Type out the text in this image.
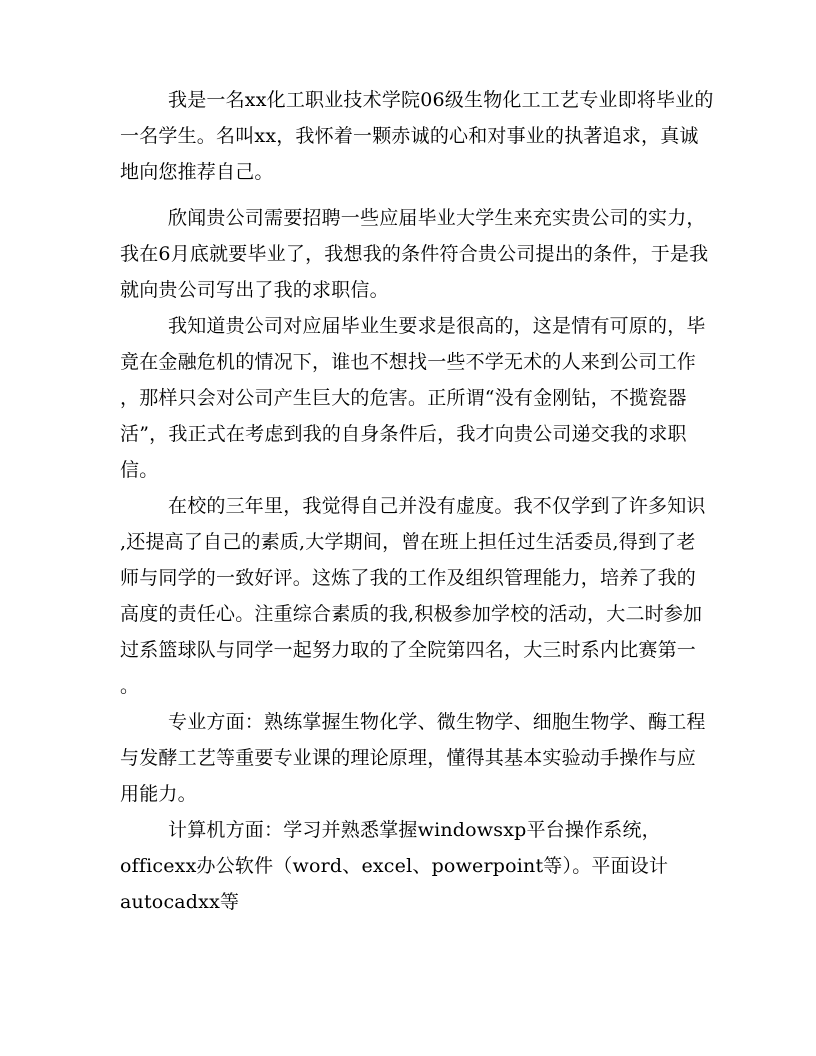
我是一名xx化工职业技术学院06级生物化工工艺专业即将毕业的
一名学生。名叫xx，我怀着一颗赤诚的心和对事业的执著追求，真诚
地向您推荐自己。
欣闻贵公司需要招聘一些应届毕业大学生来充实贵公司的实力，
我在6月底就要毕业了，我想我的条件符合贵公司提出的条件，于是我
就向贵公司写出了我的求职信。
我知道贵公司对应届毕业生要求是很高的，这是情有可原的，毕
竟在金融危机的情况下，谁也不想找一些不学无术的人来到公司工作
，那样只会对公司产生巨大的危害。正所谓“没有金刚钻，不揽瓷器
活”，我正式在考虑到我的自身条件后，我才向贵公司递交我的求职
信。
在校的三年里，我觉得自己并没有虚度。我不仅学到了许多知识
,还提高了自己的素质,大学期间，曾在班上担任过生活委员,得到了老
师与同学的一致好评。这炼了我的工作及组织管理能力，培养了我的
高度的责任心。注重综合素质的我,积极参加学校的活动，大二时参加
过系篮球队与同学一起努力取的了全院第四名，大三时系内比赛第一
。
专业方面：熟练掌握生物化学、微生物学、细胞生物学、酶工程
与发酵工艺等重要专业课的理论原理，懂得其基本实验动手操作与应
用能力。
计算机方面：学习并熟悉掌握windowsxp平台操作系统，
officexx办公软件（word、excel、powerpoint等）。平面设计
autocadxx等
